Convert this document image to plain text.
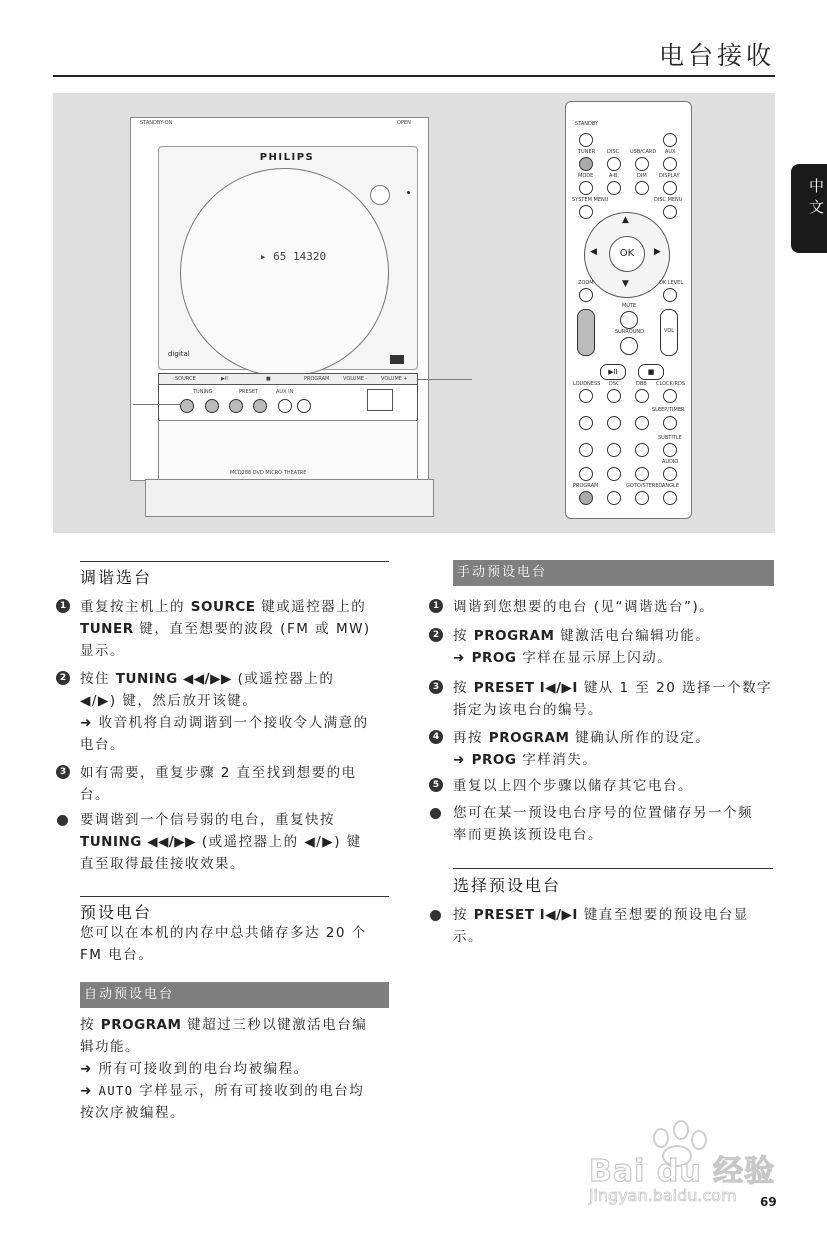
电台接收
中文
STANDBY·ON	OPEN
PHILIPS
▸ 65 14320
digital
SOURCE	▶II	■	PROGRAM	VOLUME -	VOLUME +
TUNING	PRESET	AUX IN
MCD288 DVD MICRO THEATRE
STANDBY
TUNER DISC USB/CARD AUX
MODE	A-B	DIM DISPLAY
SYSTEM MENU	DISC MENU
▲
▼
◀	▶
OK
ZOOM	OK LEVEL
MUTE
SURROUND	VOL
▶II	■
LOUDNESS DSC	DBB CLOCK/RDS
SLEEP/TIMER
SUBTITLE
AUDIO
PROGRAM	GOTO/STEREO ANGLE
调谐选台
1 重复按主机上的 SOURCE 键或遥控器上的
TUNER 键，直至想要的波段 (FM 或 MW)
显示。
2 按住 TUNING ◀◀/▶▶ (或遥控器上的
◀/▶) 键，然后放开该键。
➜ 收音机将自动调谐到一个接收令人满意的
电台。
3 如有需要，重复步骤 2 直至找到想要的电
台。
要调谐到一个信号弱的电台，重复快按
TUNING ◀◀/▶▶ (或遥控器上的 ◀/▶) 键
直至取得最佳接收效果。
预设电台
您可以在本机的内存中总共储存多达 20 个
FM 电台。
自动预设电台
按 PROGRAM 键超过三秒以键激活电台编
辑功能。
➜ 所有可接收到的电台均被编程。
➜ AUTO 字样显示，所有可接收到的电台均
按次序被编程。
手动预设电台
1 调谐到您想要的电台 (见“调谐选台”)。
2 按 PROGRAM 键激活电台编辑功能。
➜ PROG 字样在显示屏上闪动。
3 按 PRESET I◀/▶I 键从 1 至 20 选择一个数字
指定为该电台的编号。
4 再按 PROGRAM 键确认所作的设定。
➜ PROG 字样消失。
5 重复以上四个步骤以储存其它电台。
您可在某一预设电台序号的位置储存另一个频
率而更换该预设电台。
选择预设电台
按 PRESET I◀/▶I 键直至想要的预设电台显
示。
Bai du 经验
jingyan.baidu.com 69
